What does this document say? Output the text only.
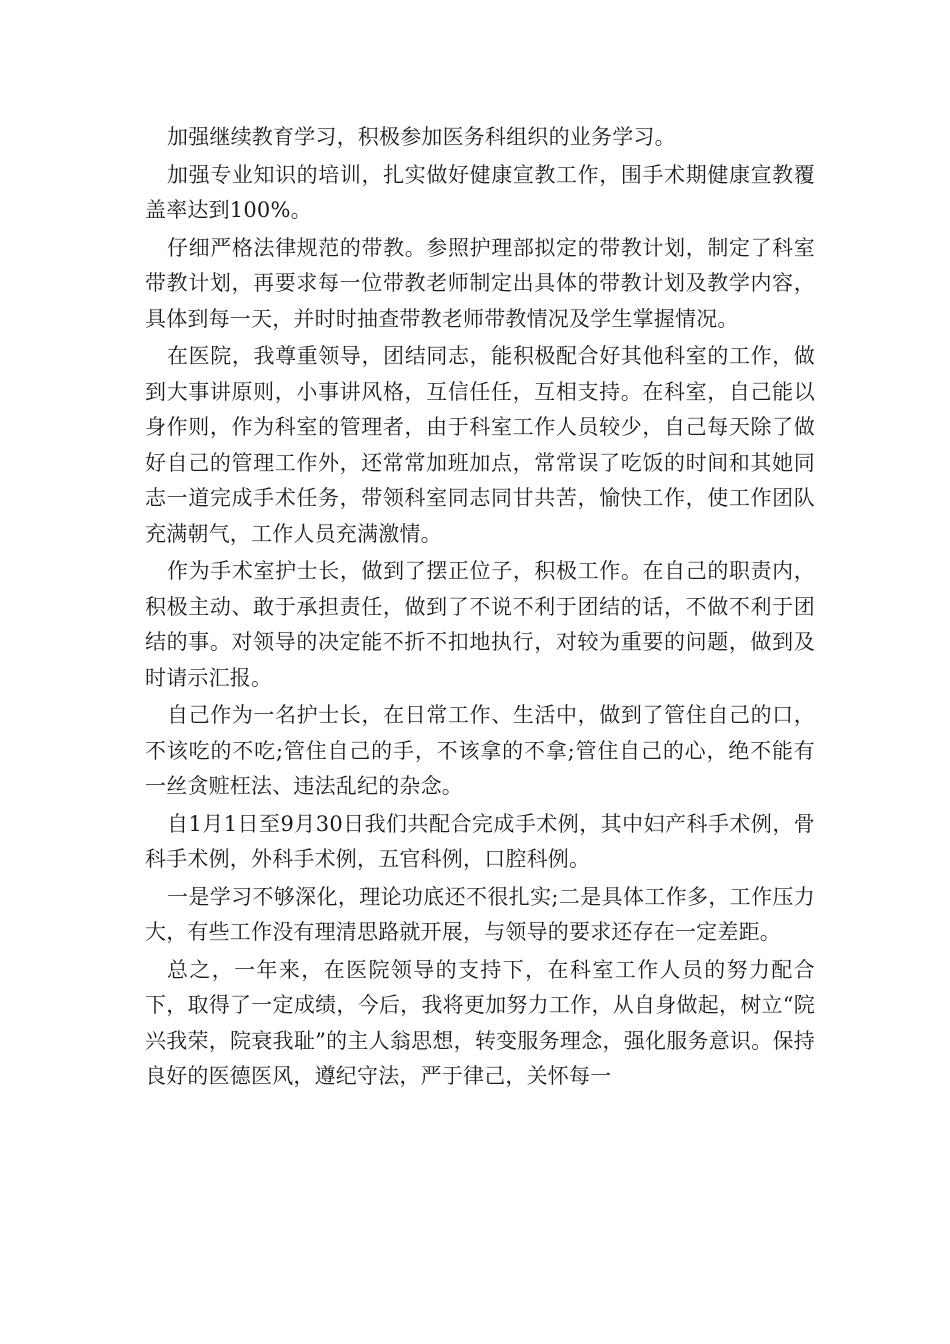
加强继续教育学习，积极参加医务科组织的业务学习。

加强专业知识的培训，扎实做好健康宣教工作，围手术期健康宣教覆盖率达到100%。

仔细严格法律规范的带教。参照护理部拟定的带教计划，制定了科室带教计划，再要求每一位带教老师制定出具体的带教计划及教学内容，具体到每一天，并时时抽查带教老师带教情况及学生掌握情况。

在医院，我尊重领导，团结同志，能积极配合好其他科室的工作，做到大事讲原则，小事讲风格，互信任任，互相支持。在科室，自己能以身作则，作为科室的管理者，由于科室工作人员较少，自己每天除了做好自己的管理工作外，还常常加班加点，常常误了吃饭的时间和其她同志一道完成手术任务，带领科室同志同甘共苦，愉快工作，使工作团队充满朝气，工作人员充满激情。

作为手术室护士长，做到了摆正位子，积极工作。在自己的职责内，积极主动、敢于承担责任，做到了不说不利于团结的话，不做不利于团结的事。对领导的决定能不折不扣地执行，对较为重要的问题，做到及时请示汇报。

自己作为一名护士长，在日常工作、生活中，做到了管住自己的口，不该吃的不吃;管住自己的手，不该拿的不拿;管住自己的心，绝不能有一丝贪赃枉法、违法乱纪的杂念。

自1月1日至9月30日我们共配合完成手术例，其中妇产科手术例，骨科手术例，外科手术例，五官科例，口腔科例。

一是学习不够深化，理论功底还不很扎实;二是具体工作多，工作压力大，有些工作没有理清思路就开展，与领导的要求还存在一定差距。

总之，一年来，在医院领导的支持下，在科室工作人员的努力配合下，取得了一定成绩，今后，我将更加努力工作，从自身做起，树立“院兴我荣，院衰我耻”的主人翁思想，转变服务理念，强化服务意识。保持良好的医德医风，遵纪守法，严于律己，关怀每一
